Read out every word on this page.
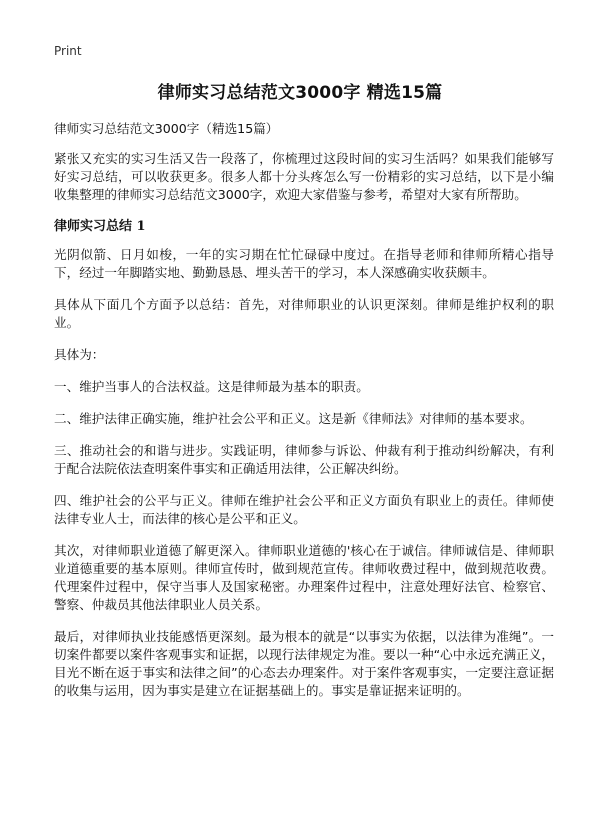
Print
律师实习总结范文3000字 精选15篇

律师实习总结范文3000字（精选15篇）

紧张又充实的实习生活又告一段落了，你梳理过这段时间的实习生活吗？如果我们能够写好实习总结，可以收获更多。很多人都十分头疼怎么写一份精彩的实习总结，以下是小编收集整理的律师实习总结范文3000字，欢迎大家借鉴与参考，希望对大家有所帮助。

律师实习总结 1

光阴似箭、日月如梭，一年的实习期在忙忙碌碌中度过。在指导老师和律师所精心指导下，经过一年脚踏实地、勤勤恳恳、埋头苦干的学习，本人深感确实收获颇丰。

具体从下面几个方面予以总结：首先，对律师职业的认识更深刻。律师是维护权利的职业。

具体为：

一、维护当事人的合法权益。这是律师最为基本的职责。

二、维护法律正确实施，维护社会公平和正义。这是新《律师法》对律师的基本要求。

三、推动社会的和谐与进步。实践证明，律师参与诉讼、仲裁有利于推动纠纷解决，有利于配合法院依法查明案件事实和正确适用法律，公正解决纠纷。

四、维护社会的公平与正义。律师在维护社会公平和正义方面负有职业上的责任。律师使法律专业人士，而法律的核心是公平和正义。

其次，对律师职业道德了解更深入。律师职业道德的'核心在于诚信。律师诚信是、律师职业道德重要的基本原则。律师宣传时，做到规范宣传。律师收费过程中，做到规范收费。代理案件过程中，保守当事人及国家秘密。办理案件过程中，注意处理好法官、检察官、警察、仲裁员其他法律职业人员关系。

最后，对律师执业技能感悟更深刻。最为根本的就是“以事实为依据，以法律为准绳”。一切案件都要以案件客观事实和证据，以现行法律规定为准。要以一种“心中永远充满正义，目光不断在返于事实和法律之间”的心态去办理案件。对于案件客观事实，一定要注意证据的收集与运用，因为事实是建立在证据基础上的。事实是靠证据来证明的。
